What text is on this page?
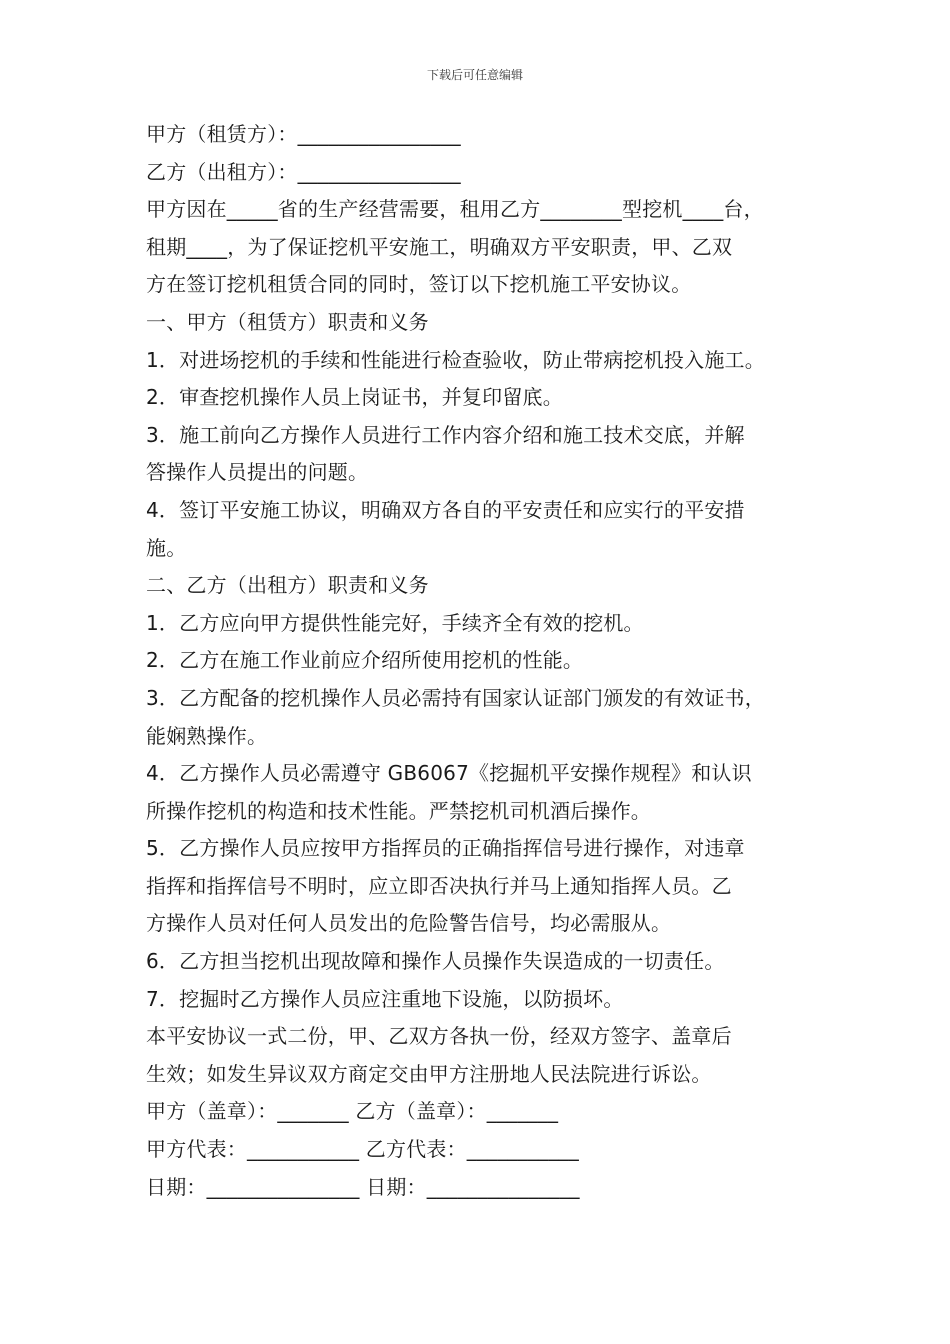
下载后可任意编辑
甲方（租赁方）：________________
乙方（出租方）：________________
甲方因在_____省的生产经营需要，租用乙方________型挖机____台，
租期____，为了保证挖机平安施工，明确双方平安职责，甲、乙双
方在签订挖机租赁合同的同时，签订以下挖机施工平安协议。
一、甲方（租赁方）职责和义务
1．对进场挖机的手续和性能进行检查验收，防止带病挖机投入施工。
2．审查挖机操作人员上岗证书，并复印留底。
3．施工前向乙方操作人员进行工作内容介绍和施工技术交底，并解
答操作人员提出的问题。
4．签订平安施工协议，明确双方各自的平安责任和应实行的平安措
施。
二、乙方（出租方）职责和义务
1．乙方应向甲方提供性能完好，手续齐全有效的挖机。
2．乙方在施工作业前应介绍所使用挖机的性能。
3．乙方配备的挖机操作人员必需持有国家认证部门颁发的有效证书，
能娴熟操作。
4．乙方操作人员必需遵守 GB6067《挖掘机平安操作规程》和认识
所操作挖机的构造和技术性能。严禁挖机司机酒后操作。
5．乙方操作人员应按甲方指挥员的正确指挥信号进行操作，对违章
指挥和指挥信号不明时，应立即否决执行并马上通知指挥人员。乙
方操作人员对任何人员发出的危险警告信号，均必需服从。
6．乙方担当挖机出现故障和操作人员操作失误造成的一切责任。
7．挖掘时乙方操作人员应注重地下设施，以防损坏。
本平安协议一式二份，甲、乙双方各执一份，经双方签字、盖章后
生效；如发生异议双方商定交由甲方注册地人民法院进行诉讼。
甲方（盖章）：_______ 乙方（盖章）：_______
甲方代表：___________ 乙方代表：___________
日期：_______________ 日期：_______________
